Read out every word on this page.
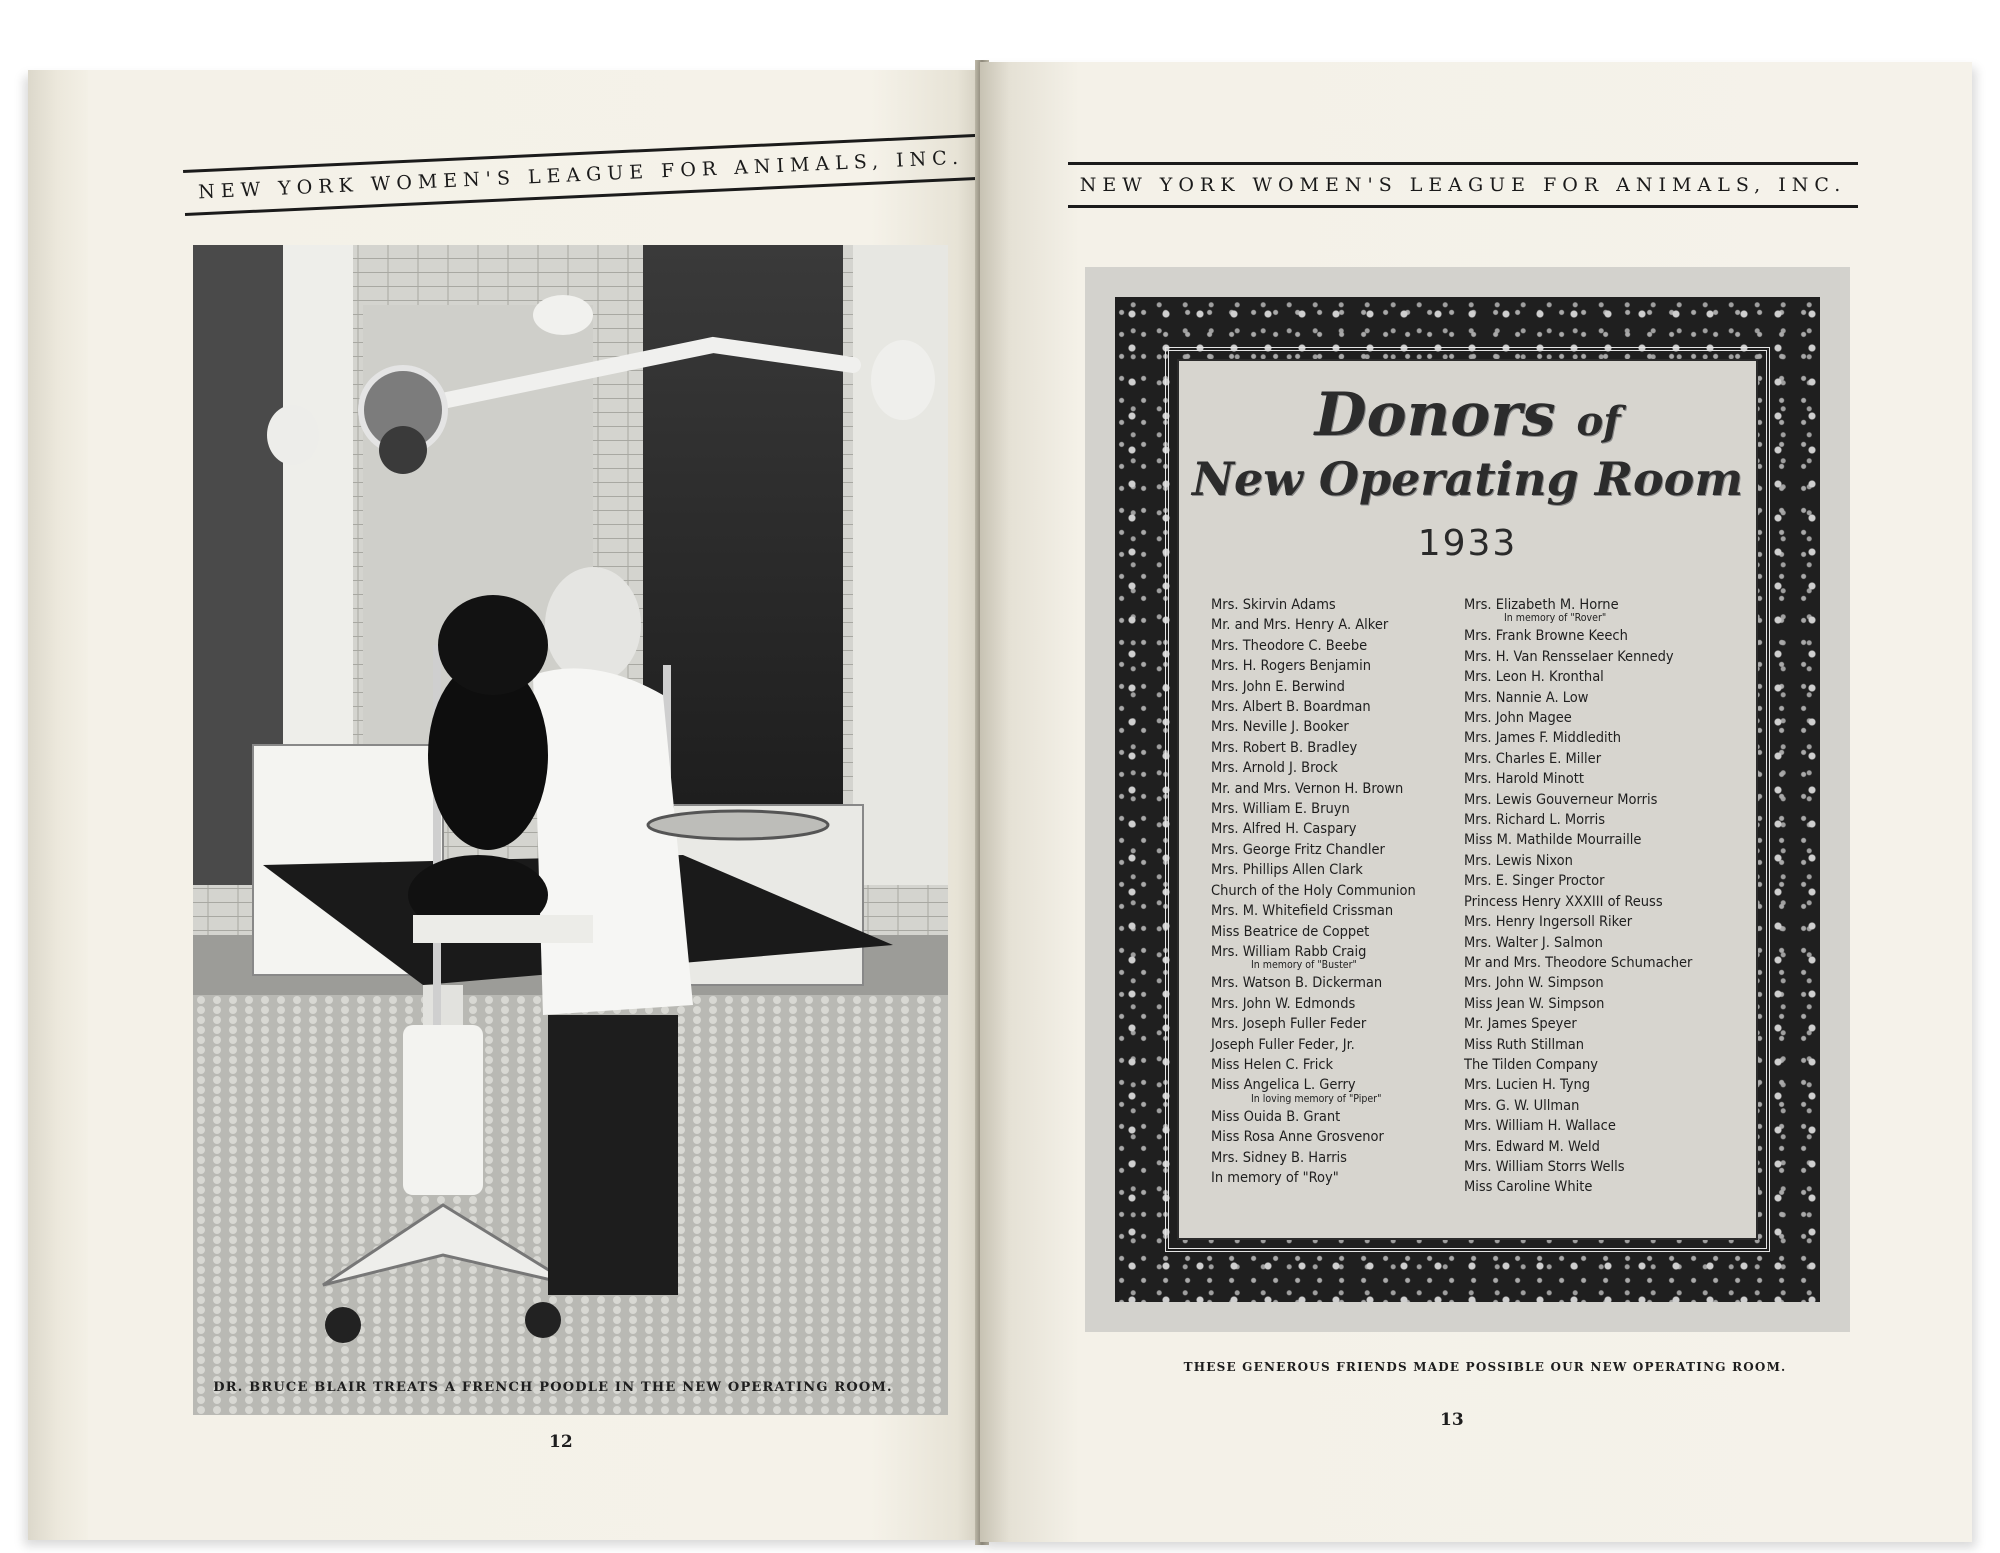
NEW YORK WOMEN'S LEAGUE FOR ANIMALS, INC.
DR. BRUCE BLAIR TREATS A FRENCH POODLE IN THE NEW OPERATING ROOM.
12
NEW YORK WOMEN'S LEAGUE FOR ANIMALS, INC.
Donors of
New Operating Room
1933
Mrs. Skirvin Adams
Mr. and Mrs. Henry A. Alker
Mrs. Theodore C. Beebe
Mrs. H. Rogers Benjamin
Mrs. John E. Berwind
Mrs. Albert B. Boardman
Mrs. Neville J. Booker
Mrs. Robert B. Bradley
Mrs. Arnold J. Brock
Mr. and Mrs. Vernon H. Brown
Mrs. William E. Bruyn
Mrs. Alfred H. Caspary
Mrs. George Fritz Chandler
Mrs. Phillips Allen Clark
Church of the Holy Communion
Mrs. M. Whitefield Crissman
Miss Beatrice de Coppet
Mrs. William Rabb Craig
In memory of "Buster"
Mrs. Watson B. Dickerman
Mrs. John W. Edmonds
Mrs. Joseph Fuller Feder
Joseph Fuller Feder, Jr.
Miss Helen C. Frick
Miss Angelica L. Gerry
In loving memory of "Piper"
Miss Ouida B. Grant
Miss Rosa Anne Grosvenor
Mrs. Sidney B. Harris
In memory of "Roy"
Mrs. Elizabeth M. Horne
In memory of "Rover"
Mrs. Frank Browne Keech
Mrs. H. Van Rensselaer Kennedy
Mrs. Leon H. Kronthal
Mrs. Nannie A. Low
Mrs. John Magee
Mrs. James F. Middledith
Mrs. Charles E. Miller
Mrs. Harold Minott
Mrs. Lewis Gouverneur Morris
Mrs. Richard L. Morris
Miss M. Mathilde Mourraille
Mrs. Lewis Nixon
Mrs. E. Singer Proctor
Princess Henry XXXIII of Reuss
Mrs. Henry Ingersoll Riker
Mrs. Walter J. Salmon
Mr and Mrs. Theodore Schumacher
Mrs. John W. Simpson
Miss Jean W. Simpson
Mr. James Speyer
Miss Ruth Stillman
The Tilden Company
Mrs. Lucien H. Tyng
Mrs. G. W. Ullman
Mrs. William H. Wallace
Mrs. Edward M. Weld
Mrs. William Storrs Wells
Miss Caroline White
THESE GENEROUS FRIENDS MADE POSSIBLE OUR NEW OPERATING ROOM.
13
